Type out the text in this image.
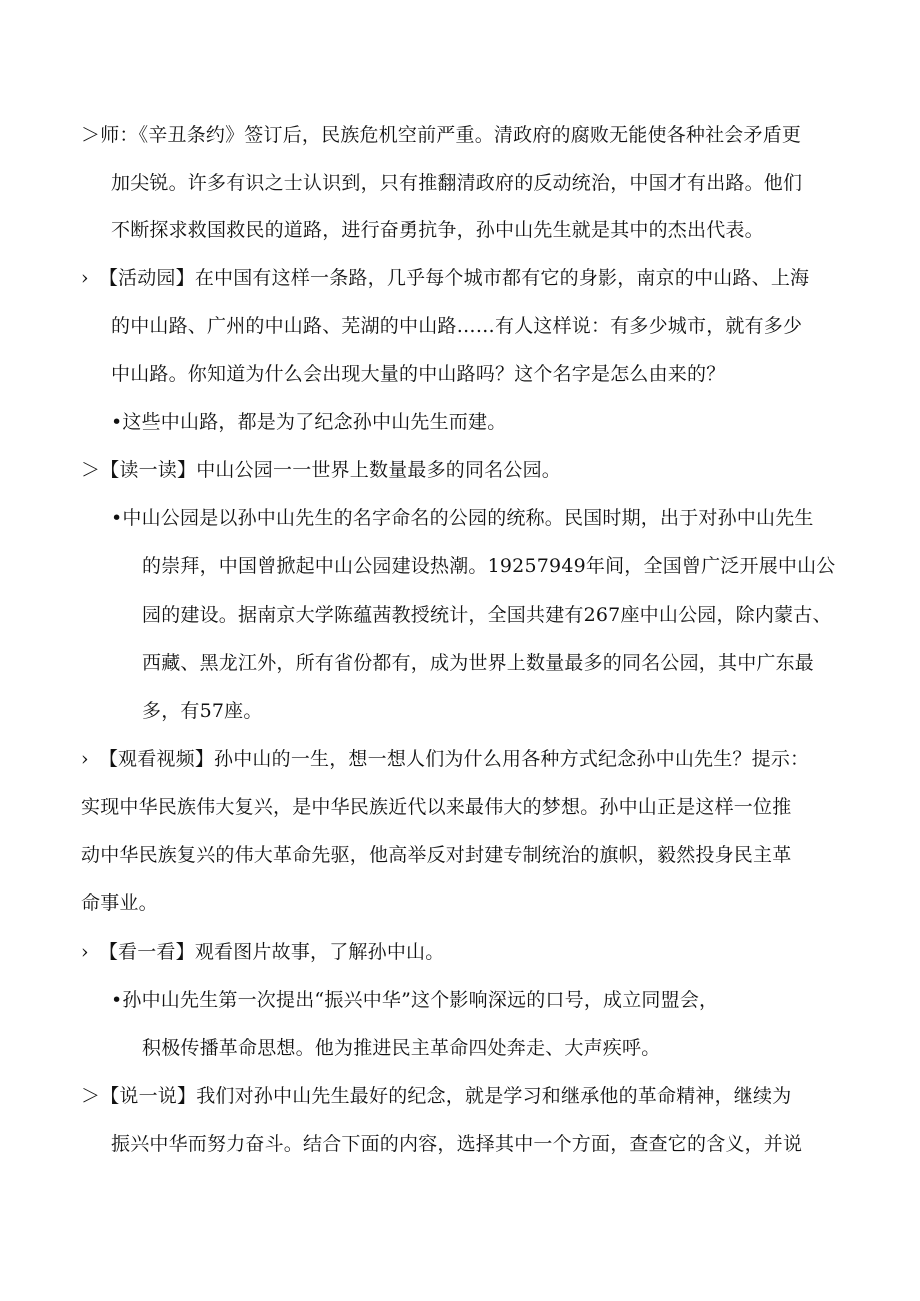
＞师：《辛丑条约》签订后，民族危机空前严重。清政府的腐败无能使各种社会矛盾更
加尖锐。许多有识之士认识到，只有推翻清政府的反动统治，中国才有出路。他们
不断探求救国救民的道路，进行奋勇抗争，孙中山先生就是其中的杰出代表。
› 【活动园】在中国有这样一条路，几乎每个城市都有它的身影，南京的中山路、上海
的中山路、广州的中山路、芜湖的中山路……有人这样说：有多少城市，就有多少
中山路。你知道为什么会出现大量的中山路吗？这个名字是怎么由来的？
•这些中山路，都是为了纪念孙中山先生而建。
＞【读一读】中山公园一一世界上数量最多的同名公园。
•中山公园是以孙中山先生的名字命名的公园的统称。民国时期，出于对孙中山先生
的崇拜，中国曾掀起中山公园建设热潮。19257949年间，全国曾广泛开展中山公
园的建设。据南京大学陈蕴茜教授统计，全国共建有267座中山公园，除内蒙古、
西藏、黑龙江外，所有省份都有，成为世界上数量最多的同名公园，其中广东最
多，有57座。
› 【观看视频】孙中山的一生，想一想人们为什么用各种方式纪念孙中山先生？提示：
实现中华民族伟大复兴，是中华民族近代以来最伟大的梦想。孙中山正是这样一位推
动中华民族复兴的伟大革命先驱，他高举反对封建专制统治的旗帜，毅然投身民主革
命事业。
› 【看一看】观看图片故事，了解孙中山。
•孙中山先生第一次提出“振兴中华”这个影响深远的口号，成立同盟会，
积极传播革命思想。他为推进民主革命四处奔走、大声疾呼。
＞【说一说】我们对孙中山先生最好的纪念，就是学习和继承他的革命精神，继续为
振兴中华而努力奋斗。结合下面的内容，选择其中一个方面，查查它的含义，并说
